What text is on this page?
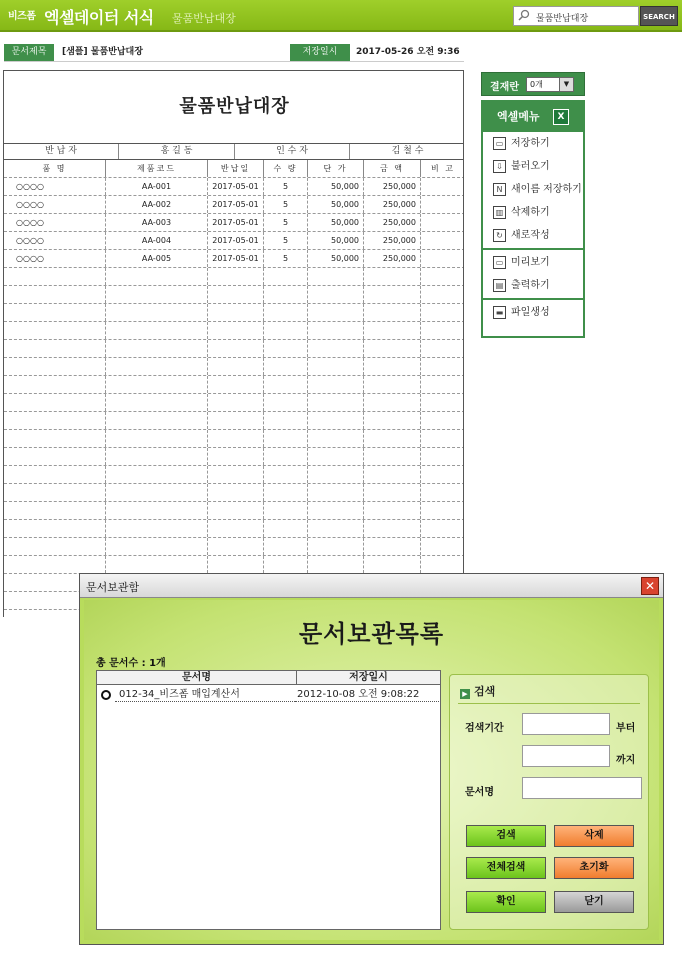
비즈폼 엑셀데이터 서식 물품반납대장	물품반납대장	SEARCH
문서제목	[샘플] 물품반납대장	저장일시	2017-05-26 오전 9:36
물품반납대장
반 납 자	홍 길 동	인 수 자	김 철 수
품 명	제품코드	반납일	수 량	단 가	금 액	비 고
○○○○	AA-001	2017-05-01	5	50,000	250,000
○○○○	AA-002	2017-05-01	5	50,000	250,000
○○○○	AA-003	2017-05-01	5	50,000	250,000
○○○○	AA-004	2017-05-01	5	50,000	250,000
○○○○	AA-005	2017-05-01	5	50,000	250,000
결재란	0개	▼
엑셀메뉴	X
▭ 저장하기
⇩ 불러오기
N 새이름 저장하기
▥ 삭제하기
↻ 새로작성
▭ 미리보기
▤ 출력하기
▬ 파일생성
문서보관함	✕
문서보관목록
총 문서수 : 1개
문서명	저장일시
012-34_비즈폼 매입계산서	2012-10-08 오전 9:08:22	▶ 검색
검색기간	부터
까지
문서명
검색	삭제
전체검색	초기화
확인	닫기
